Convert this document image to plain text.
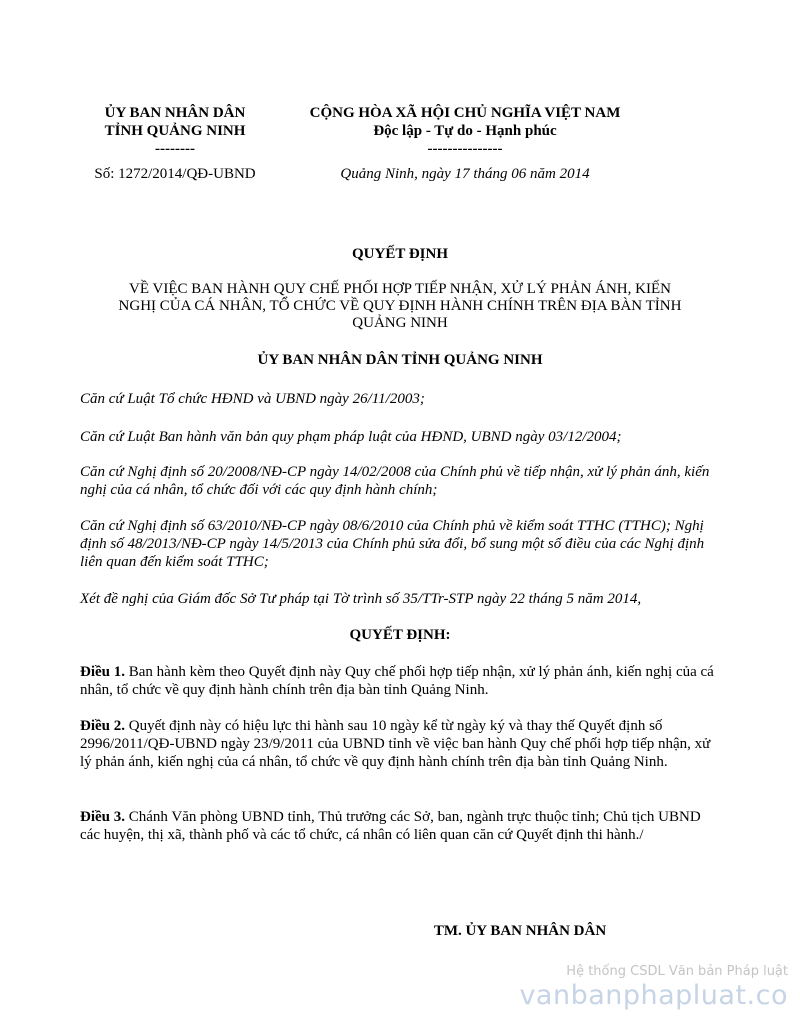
ỦY BAN NHÂN DÂN
TỈNH QUẢNG NINH
--------
CỘNG HÒA XÃ HỘI CHỦ NGHĨA VIỆT NAM
Độc lập - Tự do - Hạnh phúc
---------------
Số: 1272/2014/QĐ-UBND	Quảng Ninh, ngày 17 tháng 06 năm 2014
QUYẾT ĐỊNH
VỀ VIỆC BAN HÀNH QUY CHẾ PHỐI HỢP TIẾP NHẬN, XỬ LÝ PHẢN ÁNH, KIẾN NGHỊ CỦA CÁ NHÂN, TỔ CHỨC VỀ QUY ĐỊNH HÀNH CHÍNH TRÊN ĐỊA BÀN TỈNH QUẢNG NINH
ỦY BAN NHÂN DÂN TỈNH QUẢNG NINH
Căn cứ Luật Tổ chức HĐND và UBND ngày 26/11/2003;
Căn cứ Luật Ban hành văn bản quy phạm pháp luật của HĐND, UBND ngày 03/12/2004;
Căn cứ Nghị định số 20/2008/NĐ-CP ngày 14/02/2008 của Chính phủ về tiếp nhận, xử lý phản ánh, kiến nghị của cá nhân, tổ chức đối với các quy định hành chính;
Căn cứ Nghị định số 63/2010/NĐ-CP ngày 08/6/2010 của Chính phủ về kiểm soát TTHC (TTHC); Nghị định số 48/2013/NĐ-CP ngày 14/5/2013 của Chính phủ sửa đổi, bổ sung một số điều của các Nghị định liên quan đến kiểm soát TTHC;
Xét đề nghị của Giám đốc Sở Tư pháp tại Tờ trình số 35/TTr-STP ngày 22 tháng 5 năm 2014,
QUYẾT ĐỊNH:
Điều 1. Ban hành kèm theo Quyết định này Quy chế phối hợp tiếp nhận, xử lý phản ánh, kiến nghị của cá nhân, tổ chức về quy định hành chính trên địa bàn tỉnh Quảng Ninh.
Điều 2. Quyết định này có hiệu lực thi hành sau 10 ngày kể từ ngày ký và thay thế Quyết định số 2996/2011/QĐ-UBND ngày 23/9/2011 của UBND tỉnh về việc ban hành Quy chế phối hợp tiếp nhận, xử lý phản ánh, kiến nghị của cá nhân, tổ chức về quy định hành chính trên địa bàn tỉnh Quảng Ninh.
Điều 3. Chánh Văn phòng UBND tỉnh, Thủ trưởng các Sở, ban, ngành trực thuộc tỉnh; Chủ tịch UBND các huyện, thị xã, thành phố và các tổ chức, cá nhân có liên quan căn cứ Quyết định thi hành./
TM. ỦY BAN NHÂN DÂN
Hệ thống CSDL Văn bản Pháp luật
vanbanphapluat.co
